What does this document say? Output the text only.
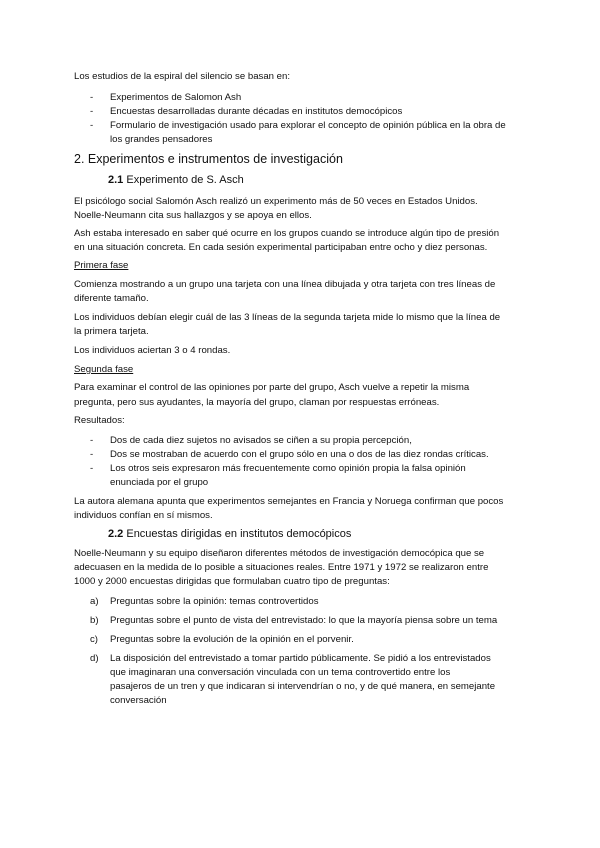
Los estudios de la espiral del silencio se basan en:
- Experimentos de Salomon Ash
- Encuestas desarrolladas durante décadas en institutos democópicos
- Formulario de investigación usado para explorar el concepto de opinión pública en la obra de
los grandes pensadores
2. Experimentos e instrumentos de investigación
2.1 Experimento de S. Asch
El psicólogo social Salomón Asch realizó un experimento más de 50 veces en Estados Unidos.
Noelle-Neumann cita sus hallazgos y se apoya en ellos.
Ash estaba interesado en saber qué ocurre en los grupos cuando se introduce algún tipo de presión
en una situación concreta. En cada sesión experimental participaban entre ocho y diez personas.
Primera fase
Comienza mostrando a un grupo una tarjeta con una línea dibujada y otra tarjeta con tres líneas de
diferente tamaño.
Los individuos debían elegir cuál de las 3 líneas de la segunda tarjeta mide lo mismo que la línea de
la primera tarjeta.
Los individuos aciertan 3 o 4 rondas.
Segunda fase
Para examinar el control de las opiniones por parte del grupo, Asch vuelve a repetir la misma
pregunta, pero sus ayudantes, la mayoría del grupo, claman por respuestas erróneas.
Resultados:
- Dos de cada diez sujetos no avisados se ciñen a su propia percepción,
- Dos se mostraban de acuerdo con el grupo sólo en una o dos de las diez rondas críticas.
- Los otros seis expresaron más frecuentemente como opinión propia la falsa opinión
enunciada por el grupo
La autora alemana apunta que experimentos semejantes en Francia y Noruega confirman que pocos
individuos confían en sí mismos.
2.2 Encuestas dirigidas en institutos democópicos
Noelle-Neumann y su equipo diseñaron diferentes métodos de investigación democópica que se
adecuasen en la medida de lo posible a situaciones reales. Entre 1971 y 1972 se realizaron entre
1000 y 2000 encuestas dirigidas que formulaban cuatro tipo de preguntas:
a) Preguntas sobre la opinión: temas controvertidos
b) Preguntas sobre el punto de vista del entrevistado: lo que la mayoría piensa sobre un tema
c) Preguntas sobre la evolución de la opinión en el porvenir.
d) La disposición del entrevistado a tomar partido públicamente. Se pidió a los entrevistados
que imaginaran una conversación vinculada con un tema controvertido entre los
pasajeros de un tren y que indicaran si intervendrían o no, y de qué manera, en semejante
conversación
